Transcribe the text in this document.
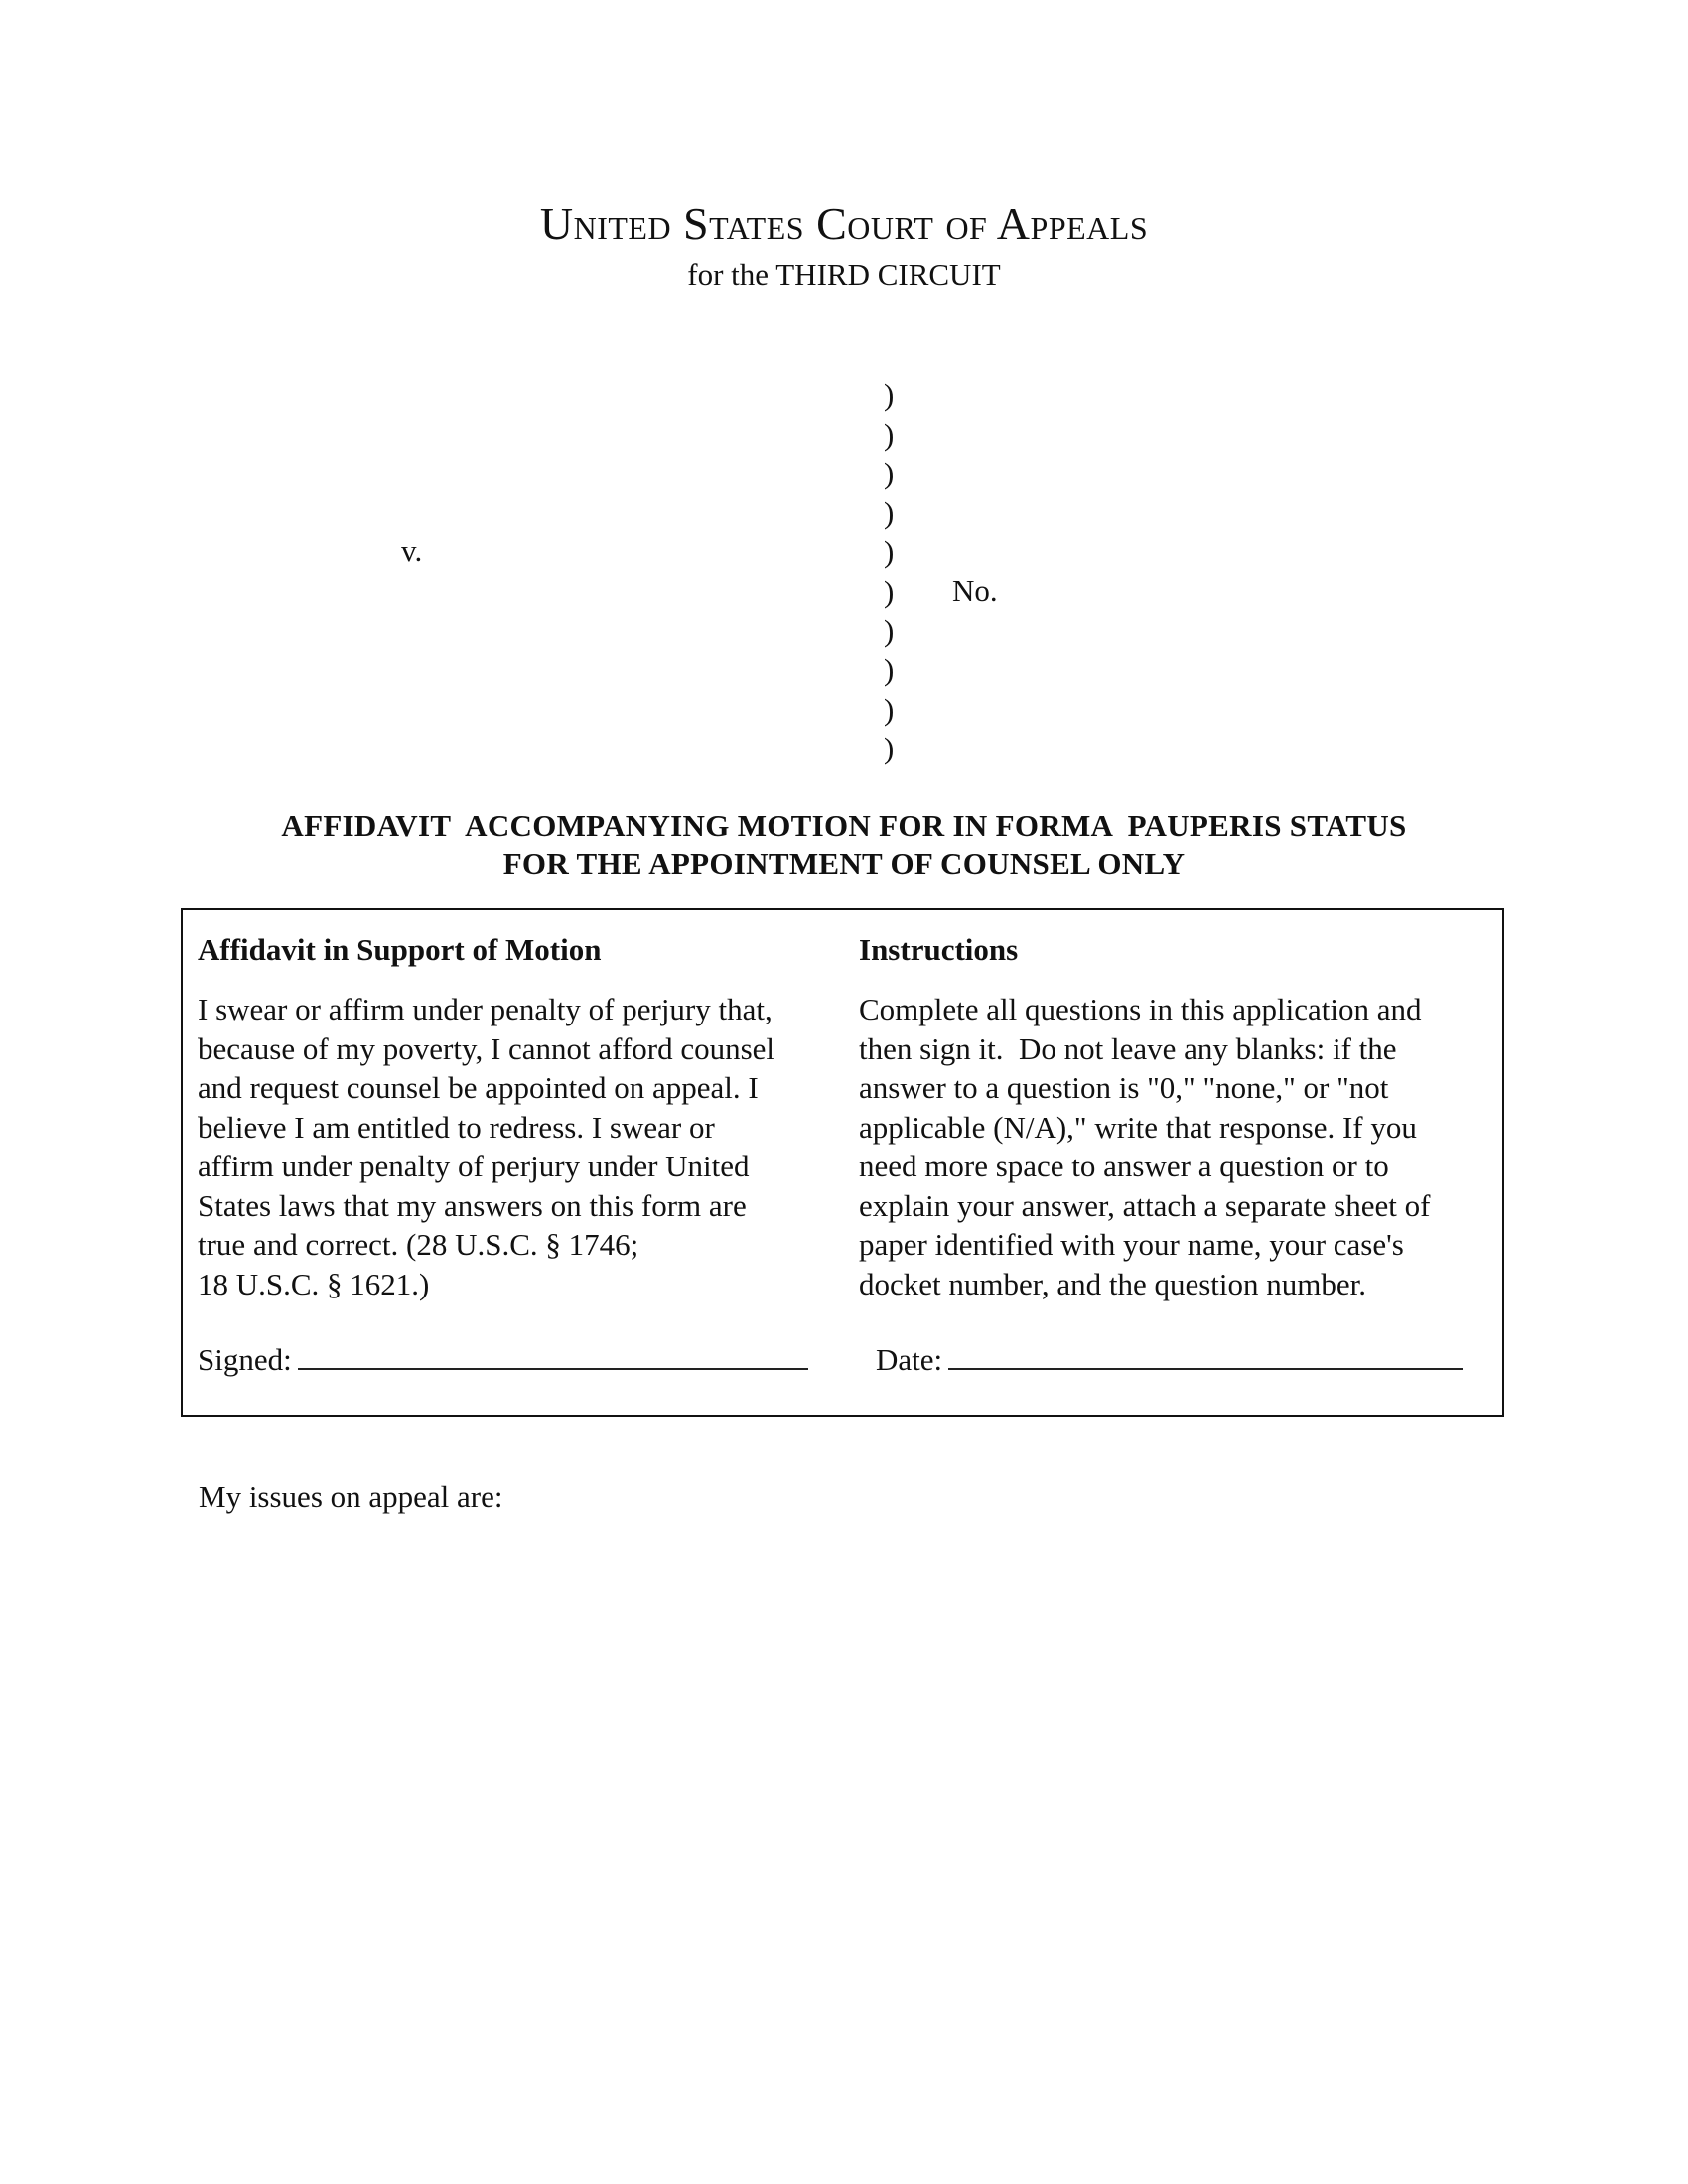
United States Court of Appeals
for the THIRD CIRCUIT
)
)
)
)
)
)
)
)
)
)
v.
No.
AFFIDAVIT  ACCOMPANYING MOTION FOR IN FORMA  PAUPERIS STATUS
FOR THE APPOINTMENT OF COUNSEL ONLY
Affidavit in Support of Motion
I swear or affirm under penalty of perjury that,
because of my poverty, I cannot afford counsel
and request counsel be appointed on appeal. I
believe I am entitled to redress. I swear or
affirm under penalty of perjury under United
States laws that my answers on this form are
true and correct. (28 U.S.C. § 1746;
18 U.S.C. § 1621.)
Signed:
Instructions
Complete all questions in this application and
then sign it.  Do not leave any blanks: if the
answer to a question is "0," "none," or "not
applicable (N/A)," write that response. If you
need more space to answer a question or to
explain your answer, attach a separate sheet of
paper identified with your name, your case's
docket number, and the question number.
Date:
My issues on appeal are:
